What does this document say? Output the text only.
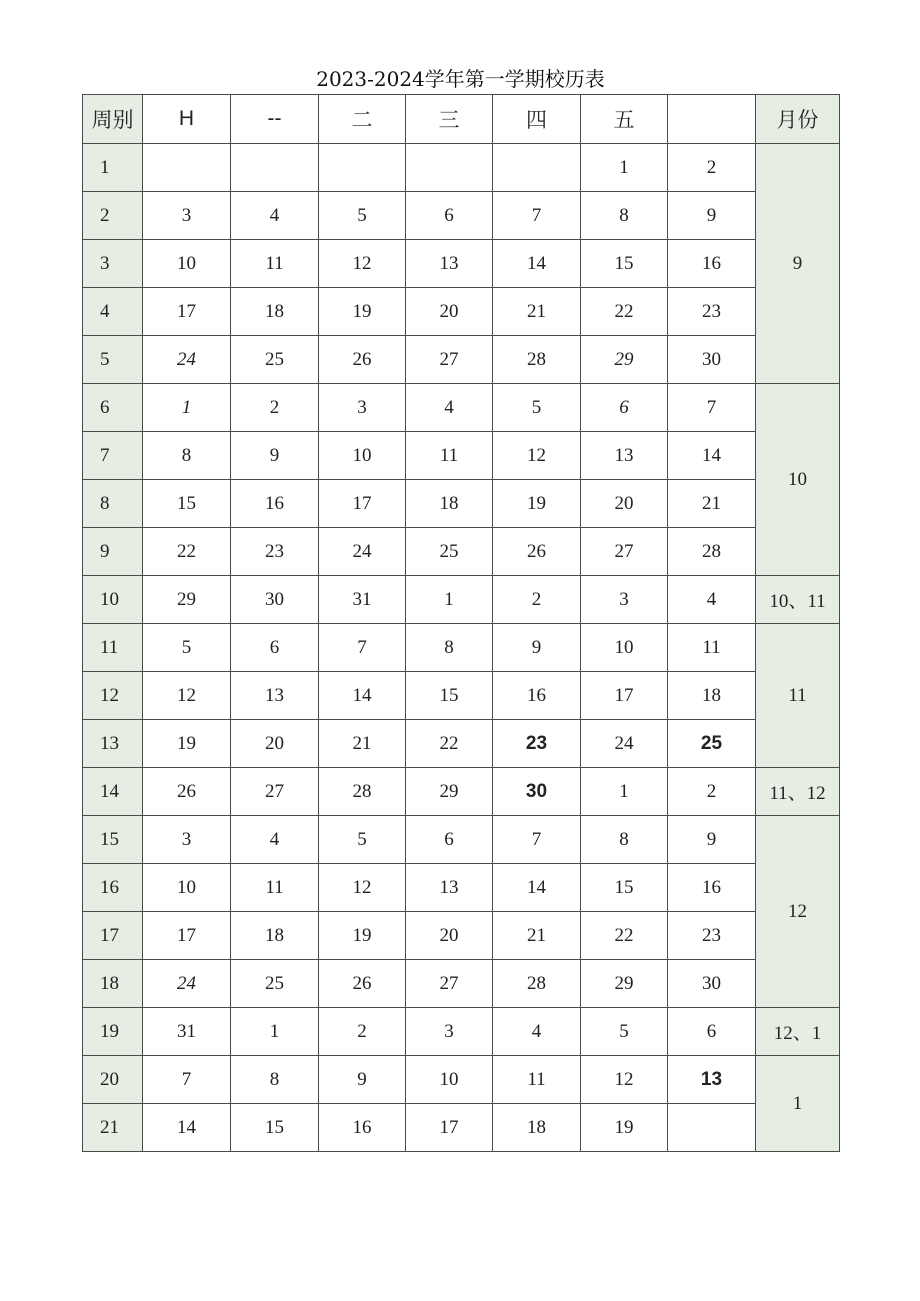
2023-2024学年第一学期校历表
周别	H	--	二	三	四	五		月份
1						1	2	9
2	3	4	5	6	7	8	9	
3	10	11	12	13	14	15	16	
4	17	18	19	20	21	22	23	
5	24	25	26	27	28	29	30	
6	1	2	3	4	5	6	7	10
7	8	9	10	11	12	13	14	
8	15	16	17	18	19	20	21	
9	22	23	24	25	26	27	28	
10	29	30	31	1	2	3	4	10、11
11	5	6	7	8	9	10	11	11
12	12	13	14	15	16	17	18	
13	19	20	21	22	23	24	25	
14	26	27	28	29	30	1	2	11、12
15	3	4	5	6	7	8	9	12
16	10	11	12	13	14	15	16	
17	17	18	19	20	21	22	23	
18	24	25	26	27	28	29	30	
19	31	1	2	3	4	5	6	12、1
20	7	8	9	10	11	12	13	1
21	14	15	16	17	18	19		
